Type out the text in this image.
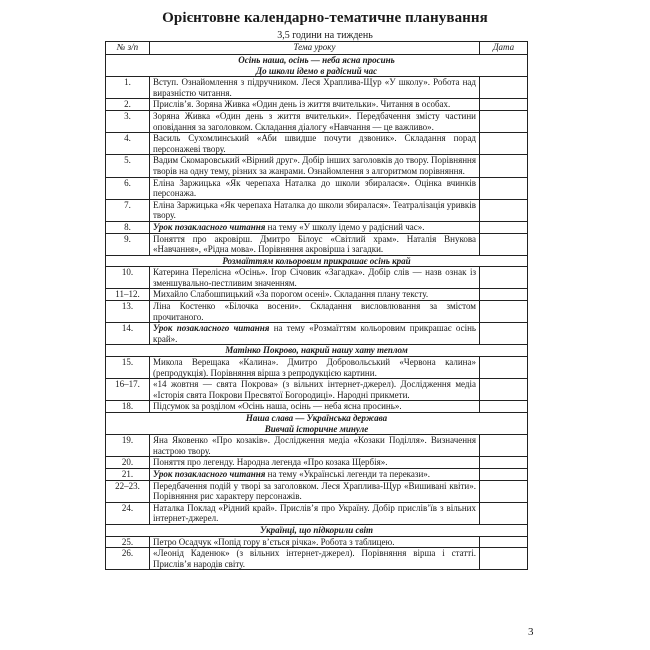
Орієнтовне календарно-тематичне планування
3,5 години на тиждень
№ з/п	Тема уроку	Дата

Осінь наша, осінь — неба ясна просинь
До школи ідемо в радісний час		

1.	Вступ. Ознайомлення з підручником. Леся Храплива-Щур «У школу». Робота над виразністю читання.	
2.	Прислів’я. Зоряна Живка «Один день із життя вчительки». Читання в особах.	
3.	Зоряна Живка «Один день з життя вчительки». Передбачення змісту частини оповідання за заголовком. Складання діалогу «Навчання — це важливо».	
4.	Василь Сухомлинський «Аби швидше почути дзвоник». Складання порад персонажеві твору.	
5.	Вадим Скомаровський «Вірний друг». Добір інших заголовків до твору. Порівняння творів на одну тему, різних за жанрами. Ознайомлення з алгоритмом порівняння.	
6.	Еліна Заржицька «Як черепаха Наталка до школи збиралася». Оцінка вчинків персонажа.	
7.	Еліна Заржицька «Як черепаха Наталка до школи збиралася». Театралізація уривків твору.	
8.	Урок позакласного читання на тему «У школу ідемо у радісний час».	
9.	Поняття про акровірш. Дмитро Білоус «Світлий храм». Наталія Внукова «Навчання», «Рідна мова». Порівняння акровірша і загадки.	

Розмаїттям кольоровим прикрашає осінь край		

10.	Катерина Перелісна «Осінь». Ігор Січовик «Загадка». Добір слів — назв ознак із зменшувально-пестливим значенням.	
11–12.	Михайло Слабошпицький «За порогом осені». Складання плану тексту.	
13.	Ліна Костенко «Білочка восени». Складання висловлювання за змістом прочитаного.	
14.	Урок позакласного читання на тему «Розмаїттям кольоровим прикрашає осінь край».	

Матінко Покрово, накрий нашу хату теплом		

15.	Микола Верещака «Калина». Дмитро Добровольський «Червона калина» (репродукція). Порівняння вірша з репродукцією картини.	
16–17.	«14 жовтня — свята Покрова» (з вільних інтернет-джерел). Дослідження медіа «Історія свята Покрови Пресвятої Богородиці». Народні прикмети.	
18.	Підсумок за розділом «Осінь наша, осінь — неба ясна просинь».	

Наша слава — Українська держава
Вивчай історичне минуле		

19.	Яна Яковенко «Про козаків». Дослідження медіа «Козаки Поділля». Визначення настрою твору.	
20.	Поняття про легенду. Народна легенда «Про козака Щербія».	
21.	Урок позакласного читання на тему «Українські легенди та перекази».	
22–23.	Передбачення подій у творі за заголовком. Леся Храплива-Щур «Вишивані квіти». Порівняння рис характеру персонажів.	
24.	Наталка Поклад «Рідний край». Прислів’я про Україну. Добір прислів’їв з вільних інтернет-джерел.	

Українці, що підкорили світ		

25.	Петро Осадчук «Попід гору в’ється річка». Робота з таблицею.	
26.	«Леонід Каденюк» (з вільних інтернет-джерел). Порівняння вірша і статті. Прислів’я народів світу.	
3
